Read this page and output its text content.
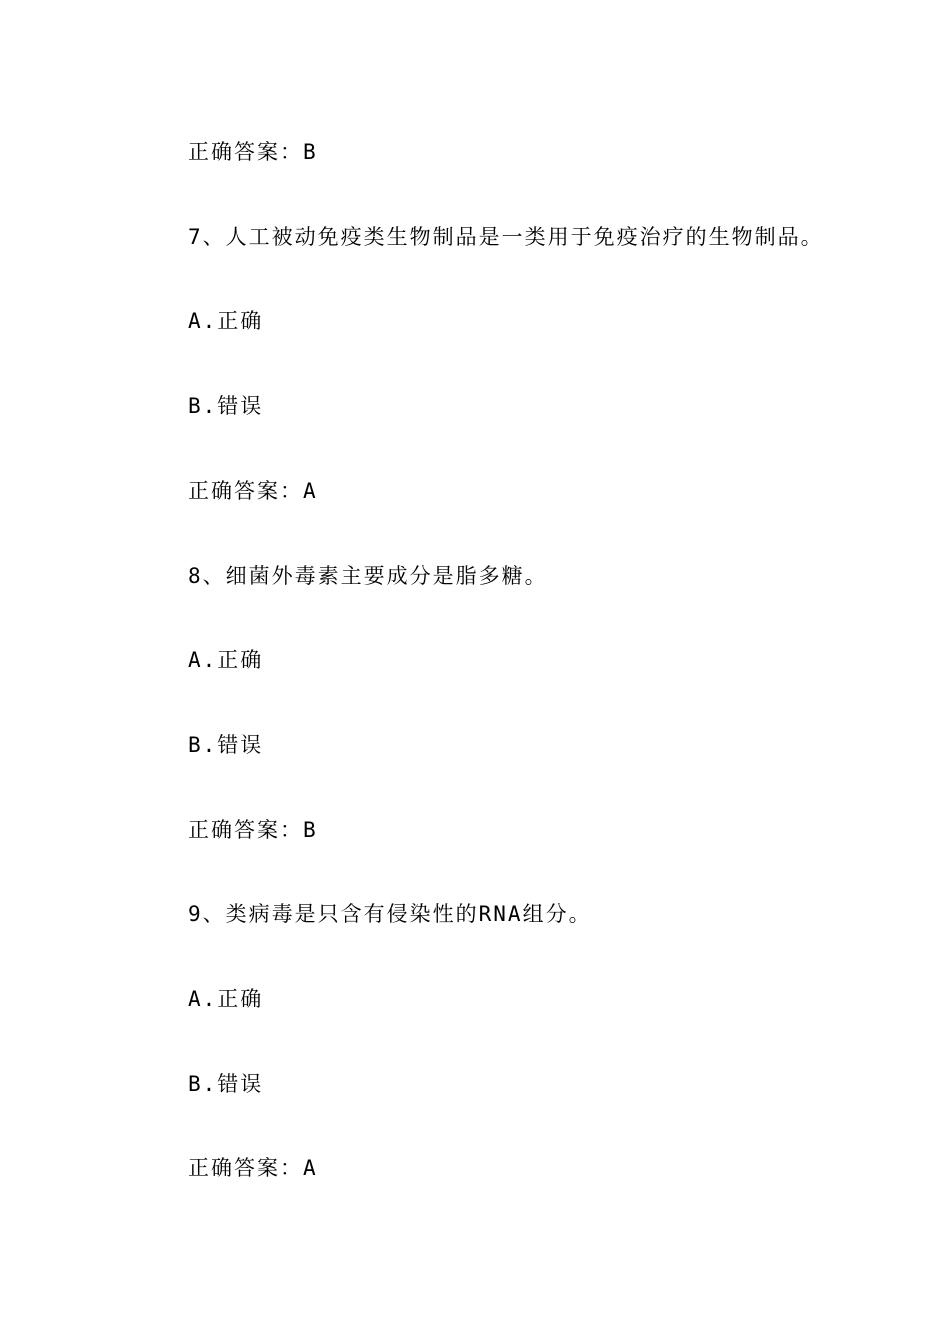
正确答案：B
7、人工被动免疫类生物制品是一类用于免疫治疗的生物制品。
A.正确
B.错误
正确答案：A
8、细菌外毒素主要成分是脂多糖。
A.正确
B.错误
正确答案：B
9、类病毒是只含有侵染性的RNA组分。
A.正确
B.错误
正确答案：A
